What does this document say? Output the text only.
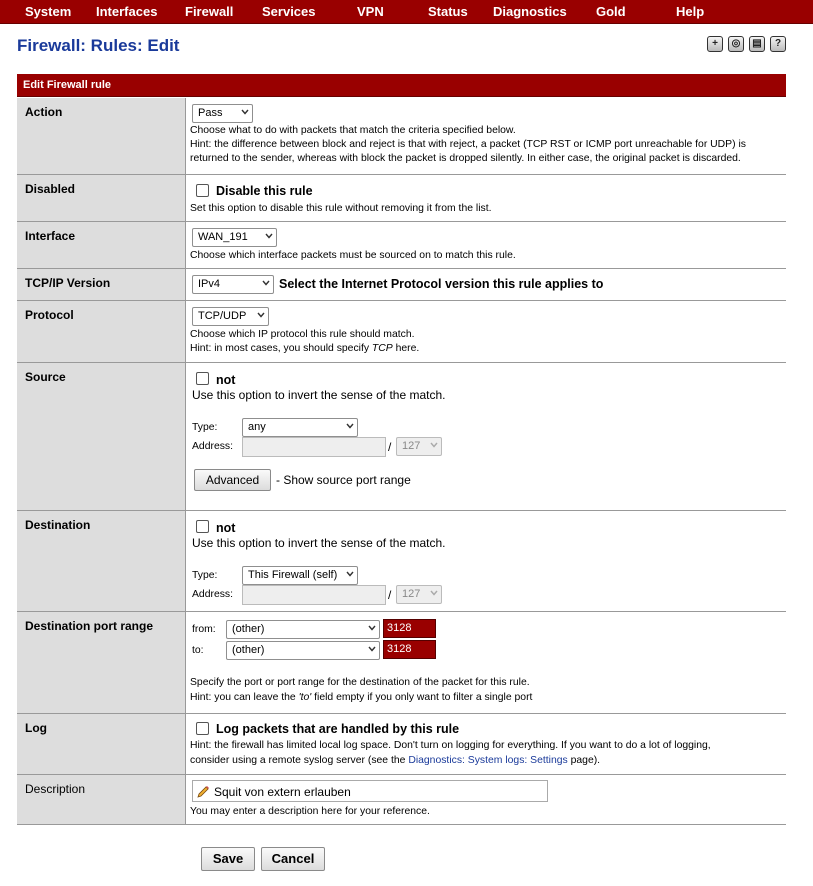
System Interfaces Firewall Services	VPN	Status Diagnostics Gold	Help
Firewall: Rules: Edit	+	◎	▤	?
Edit Firewall rule
Action	Pass
Choose what to do with packets that match the criteria specified below.
Hint: the difference between block and reject is that with reject, a packet (TCP RST or ICMP port unreachable for UDP) is
returned to the sender, whereas with block the packet is dropped silently. In either case, the original packet is discarded.
Disabled	Disable this rule
Set this option to disable this rule without removing it from the list.
Interface	WAN_191
Choose which interface packets must be sourced on to match this rule.
TCP/IP Version	IPv4	Select the Internet Protocol version this rule applies to
Protocol	TCP/UDP
Choose which IP protocol this rule should match.
Hint: in most cases, you should specify TCP here.
Source	not
Use this option to invert the sense of the match.
Type:	any
Address:	/ 127
Advanced	- Show source port range
Destination	not
Use this option to invert the sense of the match.
Type:	This Firewall (self)
Address:	/ 127
Destination port range	from:	(other)	3128
to:	(other)	3128
Specify the port or port range for the destination of the packet for this rule.
Hint: you can leave the 'to' field empty if you only want to filter a single port
Log	Log packets that are handled by this rule
Hint: the firewall has limited local log space. Don't turn on logging for everything. If you want to do a lot of logging,
consider using a remote syslog server (see the Diagnostics: System logs: Settings page).
Description	Squit von extern erlauben
You may enter a description here for your reference.
Save	Cancel
